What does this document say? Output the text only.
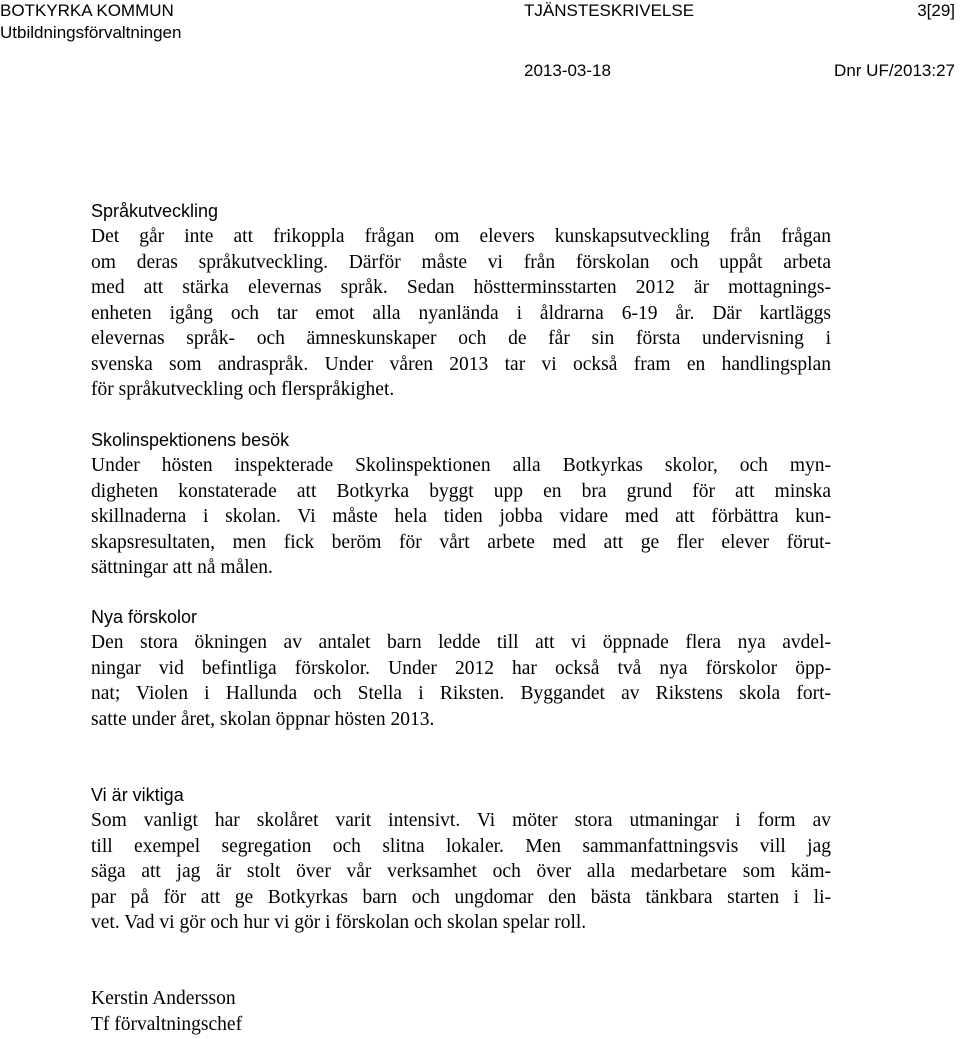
BOTKYRKA KOMMUN
Utbildningsförvaltningen
TJÄNSTESKRIVELSE	3[29]
2013-03-18	Dnr UF/2013:27
Språkutveckling
Det går inte att frikoppla frågan om elevers kunskapsutveckling från frågan
om deras språkutveckling. Därför måste vi från förskolan och uppåt arbeta
med att stärka elevernas språk. Sedan höstterminsstarten 2012 är mottagnings-
enheten igång och tar emot alla nyanlända i åldrarna 6-19 år. Där kartläggs
elevernas språk- och ämneskunskaper och de får sin första undervisning i
svenska som andraspråk. Under våren 2013 tar vi också fram en handlingsplan
för språkutveckling och flerspråkighet.
Skolinspektionens besök
Under hösten inspekterade Skolinspektionen alla Botkyrkas skolor, och myn-
digheten konstaterade att Botkyrka byggt upp en bra grund för att minska
skillnaderna i skolan. Vi måste hela tiden jobba vidare med att förbättra kun-
skapsresultaten, men fick beröm för vårt arbete med att ge fler elever förut-
sättningar att nå målen.
Nya förskolor
Den stora ökningen av antalet barn ledde till att vi öppnade flera nya avdel-
ningar vid befintliga förskolor. Under 2012 har också två nya förskolor öpp-
nat; Violen i Hallunda och Stella i Riksten. Byggandet av Rikstens skola fort-
satte under året, skolan öppnar hösten 2013.
Vi är viktiga
Som vanligt har skolåret varit intensivt. Vi möter stora utmaningar i form av
till exempel segregation och slitna lokaler. Men sammanfattningsvis vill jag
säga att jag är stolt över vår verksamhet och över alla medarbetare som käm-
par på för att ge Botkyrkas barn och ungdomar den bästa tänkbara starten i li-
vet. Vad vi gör och hur vi gör i förskolan och skolan spelar roll.
Kerstin Andersson
Tf förvaltningschef
